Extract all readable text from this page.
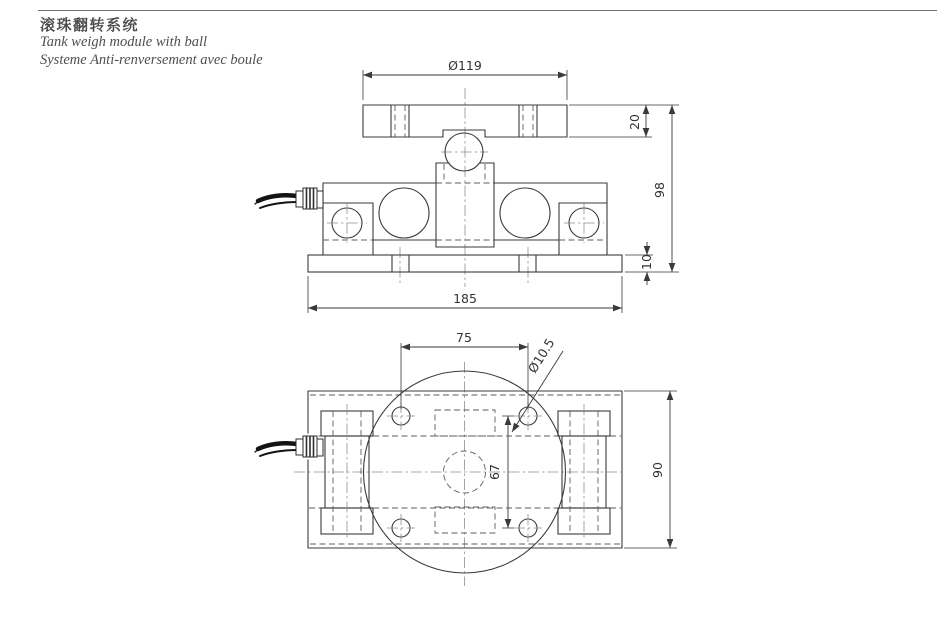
滚珠翻转系统
Tank weigh module with ball
Systeme Anti-renversement avec boule	Ø119
20
98
10
185
75	Ø10.5
67	90
